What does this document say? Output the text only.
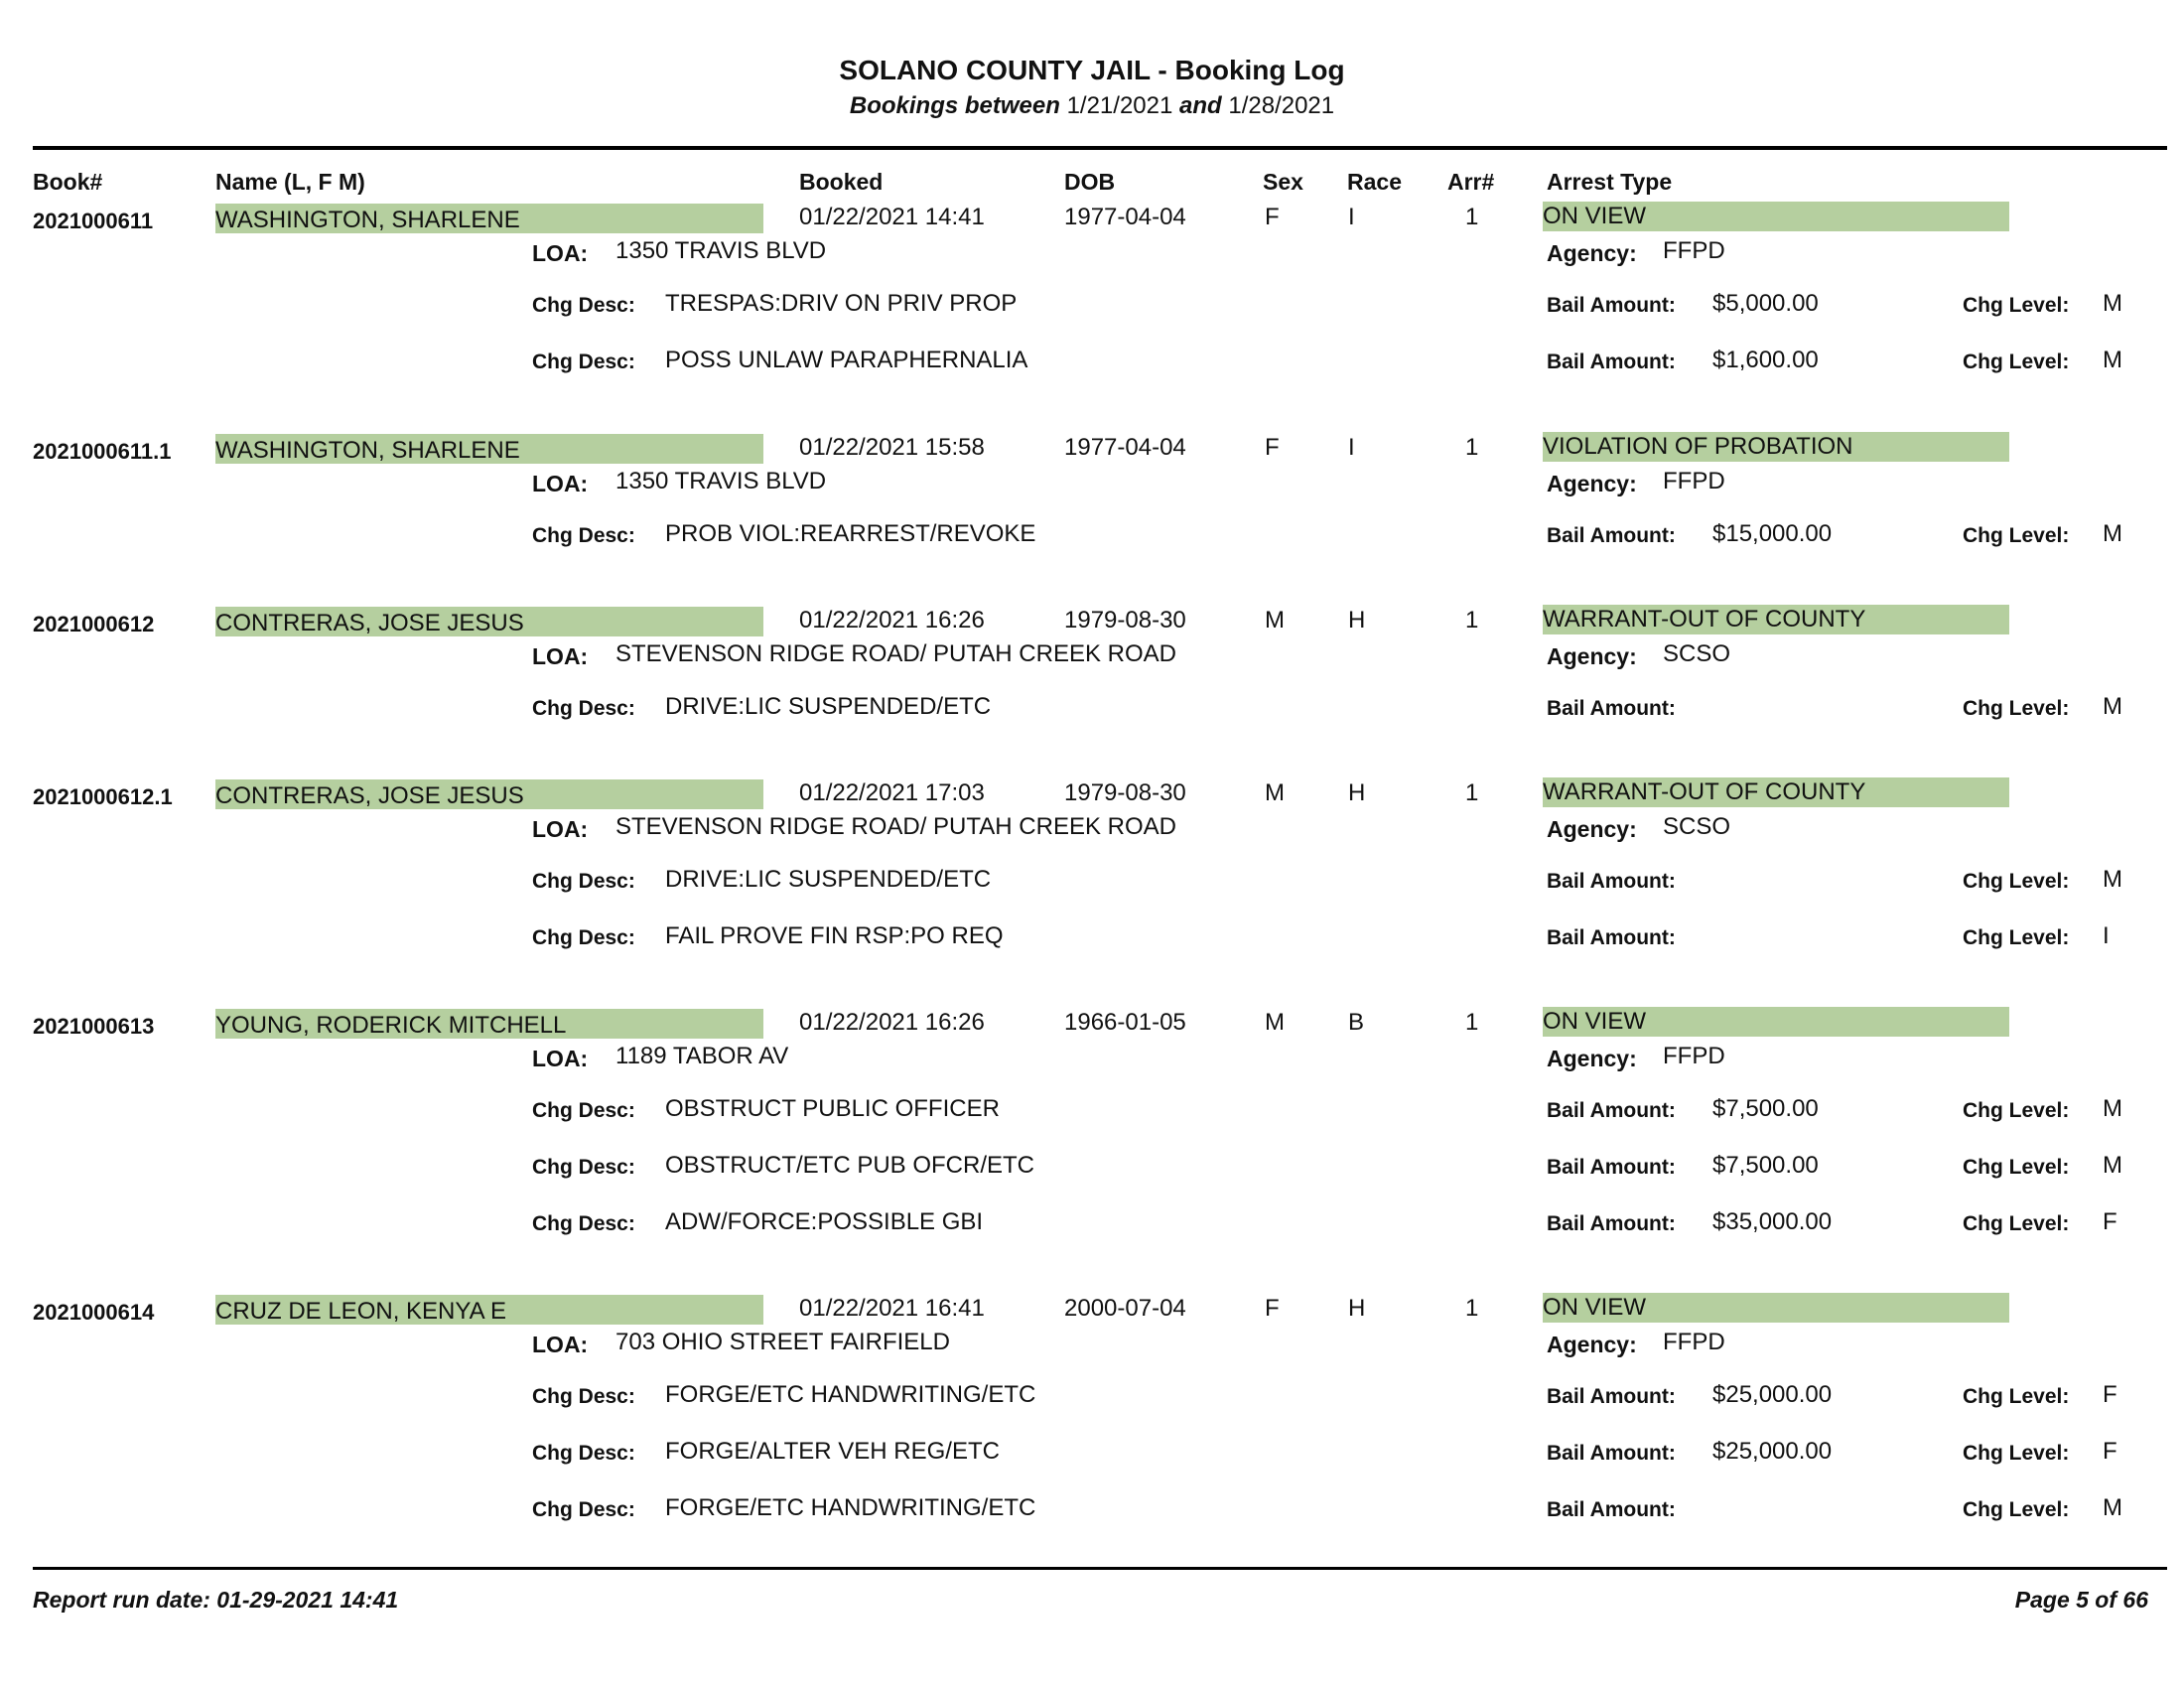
SOLANO COUNTY JAIL - Booking Log
Bookings between 1/21/2021 and 1/28/2021
Book#	Name (L, F M)	Booked	DOB	Sex Race Arr# Arrest Type
2021000611	WASHINGTON, SHARLENE	01/22/2021 14:41	1977-04-04	F	I	1	ON VIEW
LOA: 1350 TRAVIS BLVD	Agency: FFPD
Chg Desc: TRESPAS:DRIV ON PRIV PROP	Bail Amount: $5,000.00	Chg Level: M
Chg Desc: POSS UNLAW PARAPHERNALIA	Bail Amount: $1,600.00	Chg Level: M
2021000611.1 WASHINGTON, SHARLENE	01/22/2021 15:58	1977-04-04	F	I	1	VIOLATION OF PROBATION
LOA: 1350 TRAVIS BLVD	Agency: FFPD
Chg Desc: PROB VIOL:REARREST/REVOKE	Bail Amount: $15,000.00	Chg Level: M
2021000612	CONTRERAS, JOSE JESUS	01/22/2021 16:26	1979-08-30	M	H	1	WARRANT-OUT OF COUNTY
LOA: STEVENSON RIDGE ROAD/ PUTAH CREEK ROAD	Agency: SCSO
Chg Desc: DRIVE:LIC SUSPENDED/ETC	Bail Amount:	Chg Level: M
2021000612.1 CONTRERAS, JOSE JESUS	01/22/2021 17:03	1979-08-30	M	H	1	WARRANT-OUT OF COUNTY
LOA: STEVENSON RIDGE ROAD/ PUTAH CREEK ROAD	Agency: SCSO
Chg Desc: DRIVE:LIC SUSPENDED/ETC	Bail Amount:	Chg Level: M
Chg Desc: FAIL PROVE FIN RSP:PO REQ	Bail Amount:	Chg Level: I
2021000613	YOUNG, RODERICK MITCHELL	01/22/2021 16:26	1966-01-05	M	B	1	ON VIEW
LOA: 1189 TABOR AV	Agency: FFPD
Chg Desc: OBSTRUCT PUBLIC OFFICER	Bail Amount: $7,500.00	Chg Level: M
Chg Desc: OBSTRUCT/ETC PUB OFCR/ETC	Bail Amount: $7,500.00	Chg Level: M
Chg Desc: ADW/FORCE:POSSIBLE GBI	Bail Amount: $35,000.00	Chg Level: F
2021000614	CRUZ DE LEON, KENYA E	01/22/2021 16:41	2000-07-04	F	H	1	ON VIEW
LOA: 703 OHIO STREET FAIRFIELD	Agency: FFPD
Chg Desc: FORGE/ETC HANDWRITING/ETC	Bail Amount: $25,000.00	Chg Level: F
Chg Desc: FORGE/ALTER VEH REG/ETC	Bail Amount: $25,000.00	Chg Level: F
Chg Desc: FORGE/ETC HANDWRITING/ETC	Bail Amount:	Chg Level: M
Report run date: 01-29-2021 14:41	Page 5 of 66
